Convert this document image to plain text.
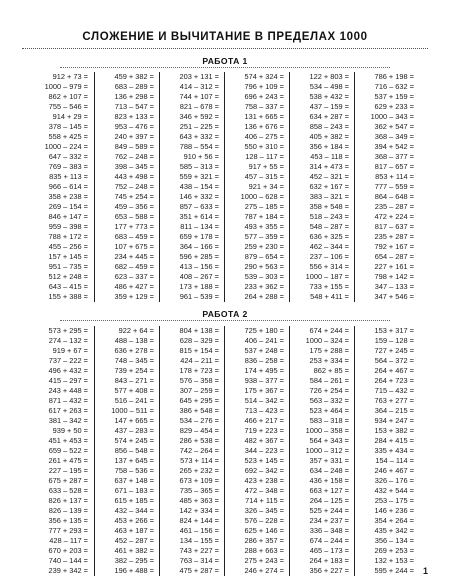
СЛОЖЕНИЕ И ВЫЧИТАНИЕ В ПРЕДЕЛАХ 1000
РАБОТА 1
912 + 73 =
1000 – 979 =
862 + 107 =
755 – 546 =
914 + 29 =
378 – 145 =
558 + 425 =
1000 – 224 =
647 – 332 =
769 – 383 =
835 + 113 =
966 – 614 =
358 + 238 =
269 – 154 =
846 + 147 =
959 – 398 =
788 + 172 =
455 – 256 =
157 + 145 =
951 – 735 =
512 + 248 =
643 – 415 =
155 + 388 =
459 + 382 =
683 – 289 =
136 + 298 =
713 – 547 =
823 + 133 =
953 – 476 =
240 + 397 =
849 – 589 =
762 – 248 =
398 – 345 =
443 + 498 =
752 – 248 =
745 + 254 =
459 – 356 =
653 – 588 =
177 + 773 =
683 – 459 =
107 + 675 =
234 + 445 =
682 – 459 =
623 – 337 =
486 + 427 =
359 + 129 =
203 + 131 =
414 – 312 =
744 + 107 =
821 – 678 =
346 + 592 =
251 – 225 =
643 + 332 =
788 – 554 =
910 + 56 =
585 – 313 =
559 + 321 =
438 – 154 =
146 + 332 =
857 – 633 =
351 + 614 =
811 – 134 =
659 + 178 =
364 – 166 =
596 + 285 =
413 – 156 =
408 – 267 =
173 + 188 =
961 – 539 =
574 + 324 =
796 + 109 =
696 + 243 =
758 – 337 =
131 + 665 =
136 + 676 =
406 – 275 =
550 + 310 =
128 – 117 =
917 + 55 =
457 – 315 =
921 + 34 =
1000 – 628 =
275 – 185 =
787 + 184 =
493 + 355 =
577 – 359 =
259 + 230 =
879 – 654 =
290 + 563 =
539 – 303 =
233 + 362 =
264 + 288 =
122 + 803 =
534 – 498 =
538 + 432 =
437 – 159 =
634 + 287 =
858 – 243 =
405 + 382 =
356 + 184 =
453 – 118 =
314 + 473 =
452 – 321 =
632 + 167 =
383 – 321 =
358 + 548 =
518 – 243 =
548 – 287 =
636 + 325 =
462 – 344 =
237 – 106 =
556 + 314 =
1000 – 187 =
733 + 155 =
548 + 411 =
786 + 198 =
716 – 632 =
537 + 159 =
629 + 233 =
1000 – 343 =
362 + 547 =
368 – 349 =
394 + 542 =
368 – 377 =
817 – 657 =
853 + 114 =
777 – 559 =
864 – 648 =
235 – 287 =
472 + 224 =
817 – 637 =
235 + 287 =
792 + 167 =
654 – 287 =
227 + 161 =
798 + 142 =
347 – 133 =
347 + 546 =
РАБОТА 2
573 + 295 =
274 – 132 =
919 + 67 =
737 – 222 =
496 + 432 =
415 – 297 =
243 + 448 =
871 – 432 =
617 + 263 =
381 – 342 =
939 + 50 =
451 + 453 =
659 – 522 =
261 + 475 =
227 – 195 =
675 + 287 =
633 – 528 =
826 + 137 =
826 – 139 =
356 + 135 =
777 + 293 =
428 – 117 =
670 + 203 =
740 – 144 =
239 + 342 =
922 + 64 =
488 – 138 =
636 + 278 =
748 – 345 =
739 + 254 =
843 – 271 =
577 + 408 =
516 – 241 =
1000 – 511 =
147 + 665 =
437 – 283 =
574 + 245 =
856 – 548 =
137 + 645 =
758 – 536 =
637 + 148 =
671 – 183 =
615 + 185 =
432 – 344 =
453 + 266 =
463 + 187 =
452 – 287 =
461 + 382 =
382 – 295 =
196 + 488 =
804 + 138 =
628 – 329 =
815 + 154 =
424 – 211 =
178 + 723 =
576 – 358 =
307 – 259 =
645 + 295 =
386 + 548 =
534 – 276 =
829 – 454 =
286 + 538 =
742 – 264 =
573 + 114 =
265 + 232 =
673 + 109 =
735 – 365 =
485 + 363 =
142 + 334 =
824 + 144 =
461 – 156 =
134 – 155 =
743 + 227 =
763 – 314 =
475 + 287 =
725 + 180 =
406 – 241 =
537 + 248 =
836 – 258 =
174 + 495 =
938 – 377 =
175 + 367 =
514 – 342 =
713 – 423 =
466 + 217 =
719 + 223 =
482 + 367 =
344 – 223 =
523 + 145 =
692 – 342 =
423 + 238 =
472 – 348 =
714 + 115 =
326 – 345 =
576 – 228 =
625 + 146 =
286 + 357 =
288 + 663 =
275 + 243 =
246 + 274 =
674 + 244 =
1000 – 324 =
175 + 288 =
253 + 334 =
862 + 85 =
584 – 261 =
726 + 254 =
563 – 332 =
523 + 464 =
583 – 318 =
1000 – 358 =
564 + 343 =
1000 – 312 =
357 + 331 =
634 – 248 =
436 + 158 =
663 + 127 =
264 – 125 =
525 + 244 =
234 + 237 =
336 – 348 =
674 – 244 =
465 – 173 =
264 + 183 =
356 + 227 =
153 + 317 =
159 – 128 =
727 + 245 =
564 – 372 =
264 + 467 =
264 + 723 =
715 – 432 =
763 + 277 =
364 – 215 =
934 + 247 =
153 + 382 =
284 + 415 =
335 + 434 =
154 – 114 =
246 + 467 =
326 – 176 =
432 + 544 =
253 – 175 =
146 + 236 =
354 + 264 =
435 + 342 =
356 – 134 =
269 + 253 =
132 + 153 =
595 + 244 =	1
